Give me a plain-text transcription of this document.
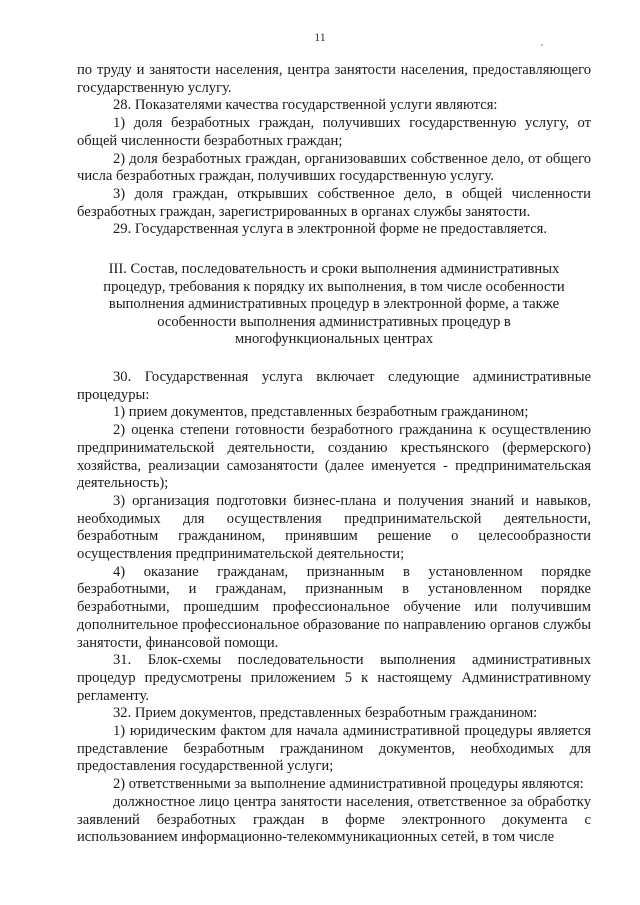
11

по труду и занятости населения, центра занятости населения, предоставляющего государственную услугу.

28. Показателями качества государственной услуги являются:

1) доля безработных граждан, получивших государственную услугу, от общей численности безработных граждан;

2) доля безработных граждан, организовавших собственное дело, от общего числа безработных граждан, получивших государственную услугу.

3) доля граждан, открывших собственное дело, в общей численности безработных граждан, зарегистрированных в органах службы занятости.

29. Государственная услуга в электронной форме не предоставляется.

III. Состав, последовательность и сроки выполнения административных процедур, требования к порядку их выполнения, в том числе особенности выполнения административных процедур в электронной форме, а также особенности выполнения административных процедур в многофункциональных центрах

30. Государственная услуга включает следующие административные процедуры:

1) прием документов, представленных безработным гражданином;

2) оценка степени готовности безработного гражданина к осуществлению предпринимательской деятельности, созданию крестьянского (фермерского) хозяйства, реализации самозанятости (далее именуется - предпринимательская деятельность);

3) организация подготовки бизнес-плана и получения знаний и навыков, необходимых для осуществления предпринимательской деятельности, безработным гражданином, принявшим решение о целесообразности осуществления предпринимательской деятельности;

4) оказание гражданам, признанным в установленном порядке безработными, и гражданам, признанным в установленном порядке безработными, прошедшим профессиональное обучение или получившим дополнительное профессиональное образование по направлению органов службы занятости, финансовой помощи.

31. Блок-схемы последовательности выполнения административных процедур предусмотрены приложением 5 к настоящему Административному регламенту.

32. Прием документов, представленных безработным гражданином:

1) юридическим фактом для начала административной процедуры является представление безработным гражданином документов, необходимых для предоставления государственной услуги;

2) ответственными за выполнение административной процедуры являются:

должностное лицо центра занятости населения, ответственное за обработку заявлений безработных граждан в форме электронного документа с использованием информационно-телекоммуникационных сетей, в том числе
